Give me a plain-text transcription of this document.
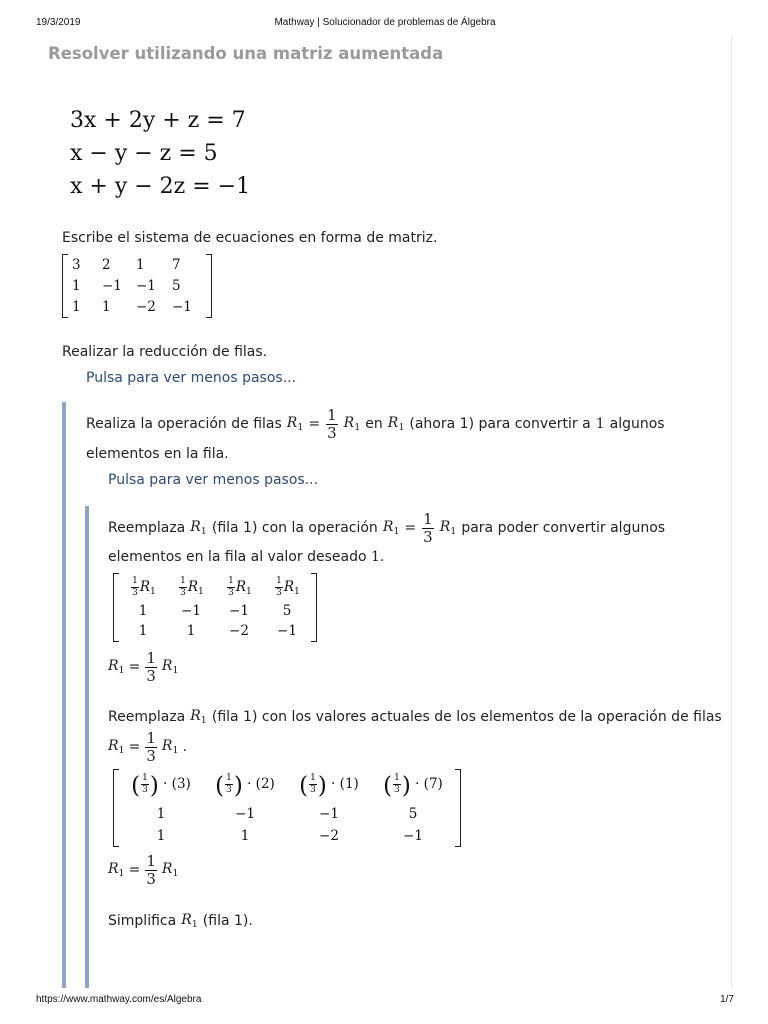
19/3/2019	Mathway | Solucionador de problemas de Álgebra
Resolver utilizando una matriz aumentada
3x + 2y + z = 7
x − y − z = 5
x + y − 2z = −1
Escribe el sistema de ecuaciones en forma de matriz.
3	2	1	7
1	−1	−1	5
1	1	−2	−1
Realizar la reducción de filas.
Pulsa para ver menos pasos...
Realiza la operación de filas $R_1 = \frac{1}{3} R_1$ en $R_1$ (ahora 1) para convertir a 1 algunos
elementos en la fila.
Pulsa para ver menos pasos...
Reemplaza $R_1$ (fila 1) con la operación $R_1 = \frac{1}{3} R_1$ para poder convertir algunos
elementos en la fila al valor deseado 1.
$\frac{1}{3} R_1$	$\frac{1}{3} R_1$	$\frac{1}{3} R_1$	$\frac{1}{3} R_1$
1	−1	−1	5
1	1	−2	−1
$R_1 = \frac{1}{3} R_1$
Reemplaza $R_1$ (fila 1) con los valores actuales de los elementos de la operación de filas
$R_1 = \frac{1}{3} R_1$ .
( $\frac{1}{3}$ ) · (3)	( $\frac{1}{3}$ ) · (2)	( $\frac{1}{3}$ ) · (1)	( $\frac{1}{3}$ ) · (7)
1	−1	−1	5
1	1	−2	−1
$R_1 = \frac{1}{3} R_1$
Simplifica $R_1$ (fila 1).
https://www.mathway.com/es/Algebra	1/7
